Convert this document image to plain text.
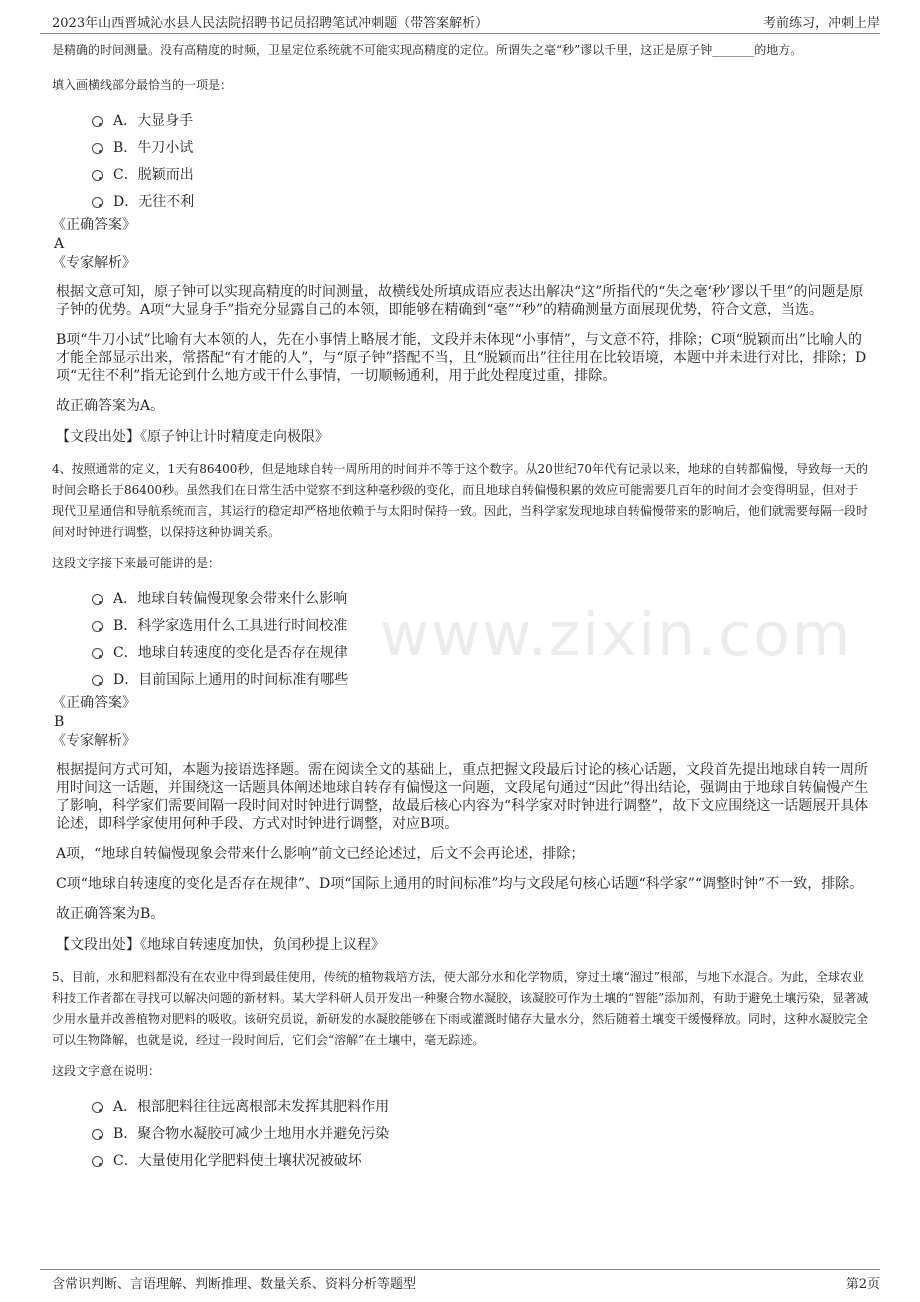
2023年山西晋城沁水县人民法院招聘书记员招聘笔试冲刺题（带答案解析）	考前练习，冲刺上岸
www.zixin.com

是精确的时间测量。没有高精度的时频，卫星定位系统就不可能实现高精度的定位。所谓失之毫“秒”谬以千里，这正是原子钟_______的地方。

填入画横线部分最恰当的一项是：

A．大显身手
B．牛刀小试
C．脱颖而出
D．无往不利

《正确答案》

A

《专家解析》

根据文意可知，原子钟可以实现高精度的时间测量，故横线处所填成语应表达出解决“这”所指代的“失之毫‘秒’谬以千里”的问题是原子钟的优势。A项“大显身手”指充分显露自己的本领，即能够在精确到“毫”“秒”的精确测量方面展现优势，符合文意，当选。

B项“牛刀小试”比喻有大本领的人，先在小事情上略展才能，文段并未体现“小事情”，与文意不符，排除；C项“脱颖而出”比喻人的才能全部显示出来，常搭配“有才能的人”，与“原子钟”搭配不当，且“脱颖而出”往往用在比较语境，本题中并未进行对比，排除；D项“无往不利”指无论到什么地方或干什么事情，一切顺畅通利，用于此处程度过重，排除。

故正确答案为A。

【文段出处】《原子钟让计时精度走向极限》

4、按照通常的定义，1天有86400秒，但是地球自转一周所用的时间并不等于这个数字。从20世纪70年代有记录以来，地球的自转都偏慢，导致每一天的时间会略长于86400秒。虽然我们在日常生活中觉察不到这种毫秒级的变化，而且地球自转偏慢积累的效应可能需要几百年的时间才会变得明显，但对于现代卫星通信和导航系统而言，其运行的稳定却严格地依赖于与太阳时保持一致。因此，当科学家发现地球自转偏慢带来的影响后，他们就需要每隔一段时间对时钟进行调整，以保持这种协调关系。

这段文字接下来最可能讲的是：

A．地球自转偏慢现象会带来什么影响
B．科学家选用什么工具进行时间校准
C．地球自转速度的变化是否存在规律
D．目前国际上通用的时间标准有哪些

《正确答案》

B

《专家解析》

根据提问方式可知，本题为接语选择题。需在阅读全文的基础上，重点把握文段最后讨论的核心话题，文段首先提出地球自转一周所用时间这一话题，并围绕这一话题具体阐述地球自转存有偏慢这一问题，文段尾句通过“因此”得出结论，强调由于地球自转偏慢产生了影响，科学家们需要间隔一段时间对时钟进行调整，故最后核心内容为“科学家对时钟进行调整”，故下文应围绕这一话题展开具体论述，即科学家使用何种手段、方式对时钟进行调整，对应B项。

A项，“地球自转偏慢现象会带来什么影响”前文已经论述过，后文不会再论述，排除；

C项“地球自转速度的变化是否存在规律”、D项“国际上通用的时间标准”均与文段尾句核心话题“科学家”“调整时钟”不一致，排除。

故正确答案为B。

【文段出处】《地球自转速度加快，负闰秒提上议程》

5、目前，水和肥料都没有在农业中得到最佳使用，传统的植物栽培方法，使大部分水和化学物质，穿过土壤“溜过”根部，与地下水混合。为此，全球农业科技工作者都在寻找可以解决问题的新材料。某大学科研人员开发出一种聚合物水凝胶，该凝胶可作为土壤的“智能”添加剂，有助于避免土壤污染，显著减少用水量并改善植物对肥料的吸收。该研究员说，新研发的水凝胶能够在下雨或灌溉时储存大量水分，然后随着土壤变干缓慢释放。同时，这种水凝胶完全可以生物降解，也就是说，经过一段时间后，它们会“溶解”在土壤中，毫无踪迹。

这段文字意在说明：

A．根部肥料往往远离根部未发挥其肥料作用
B．聚合物水凝胶可减少土地用水并避免污染
C．大量使用化学肥料使土壤状况被破坏
含常识判断、言语理解、判断推理、数量关系、资料分析等题型	第2页
